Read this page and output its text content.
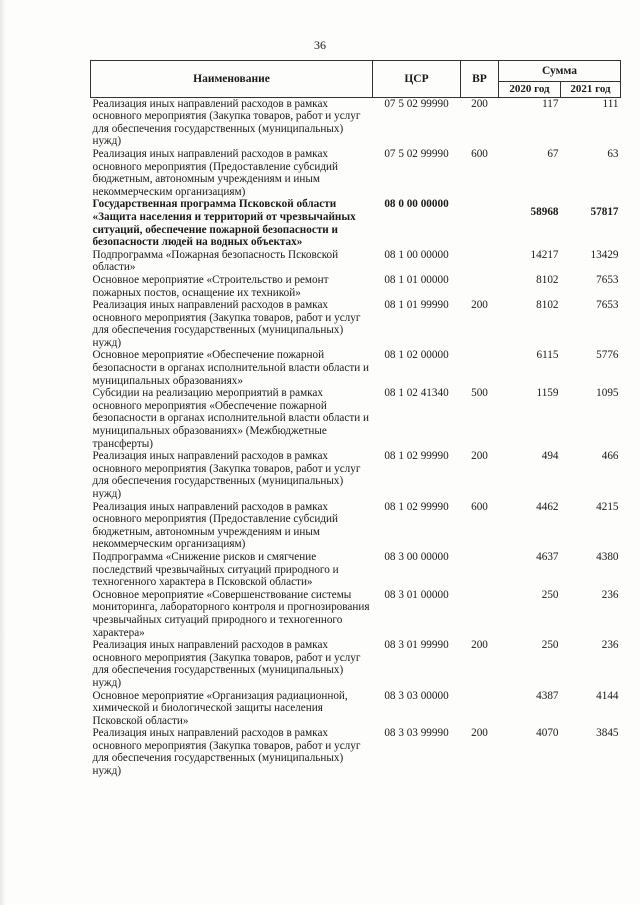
36
Наименование	ЦСР	ВР	Сумма	
			2020 год	2021 год
Реализация иных направлений расходов в рамках основного мероприятия (Закупка товаров, работ и услуг для обеспечения государственных (муниципальных) нужд)	07 5 02 99990	200	117	111
Реализация иных направлений расходов в рамках основного мероприятия (Предоставление субсидий бюджетным, автономным учреждениям и иным некоммерческим организациям)	07 5 02 99990	600	67	63
Государственная программа Псковской области «Защита населения и территорий от чрезвычайных ситуаций, обеспечение пожарной безопасности и безопасности людей на водных объектах»	08 0 00 00000		58968	57817
Подпрограмма «Пожарная безопасность Псковской области»	08 1 00 00000		14217	13429
Основное мероприятие «Строительство и ремонт пожарных постов, оснащение их техникой»	08 1 01 00000		8102	7653
Реализация иных направлений расходов в рамках основного мероприятия (Закупка товаров, работ и услуг для обеспечения государственных (муниципальных) нужд)	08 1 01 99990	200	8102	7653
Основное мероприятие «Обеспечение пожарной безопасности в органах исполнительной власти области и муниципальных образованиях»	08 1 02 00000		6115	5776
Субсидии на реализацию мероприятий в рамках основного мероприятия «Обеспечение пожарной безопасности в органах исполнительной власти области и муниципальных образованиях» (Межбюджетные трансферты)	08 1 02 41340	500	1159	1095
Реализация иных направлений расходов в рамках основного мероприятия (Закупка товаров, работ и услуг для обеспечения государственных (муниципальных) нужд)	08 1 02 99990	200	494	466
Реализация иных направлений расходов в рамках основного мероприятия (Предоставление субсидий бюджетным, автономным учреждениям и иным некоммерческим организациям)	08 1 02 99990	600	4462	4215
Подпрограмма «Снижение рисков и смягчение последствий чрезвычайных ситуаций природного и техногенного характера в Псковской области»	08 3 00 00000		4637	4380
Основное мероприятие «Совершенствование системы мониторинга, лабораторного контроля и прогнозирования чрезвычайных ситуаций природного и техногенного характера»	08 3 01 00000		250	236
Реализация иных направлений расходов в рамках основного мероприятия (Закупка товаров, работ и услуг для обеспечения государственных (муниципальных) нужд)	08 3 01 99990	200	250	236
Основное мероприятие «Организация радиационной, химической и биологической защиты населения Псковской области»	08 3 03 00000		4387	4144
Реализация иных направлений расходов в рамках основного мероприятия (Закупка товаров, работ и услуг для обеспечения государственных (муниципальных) нужд)	08 3 03 99990	200	4070	3845
